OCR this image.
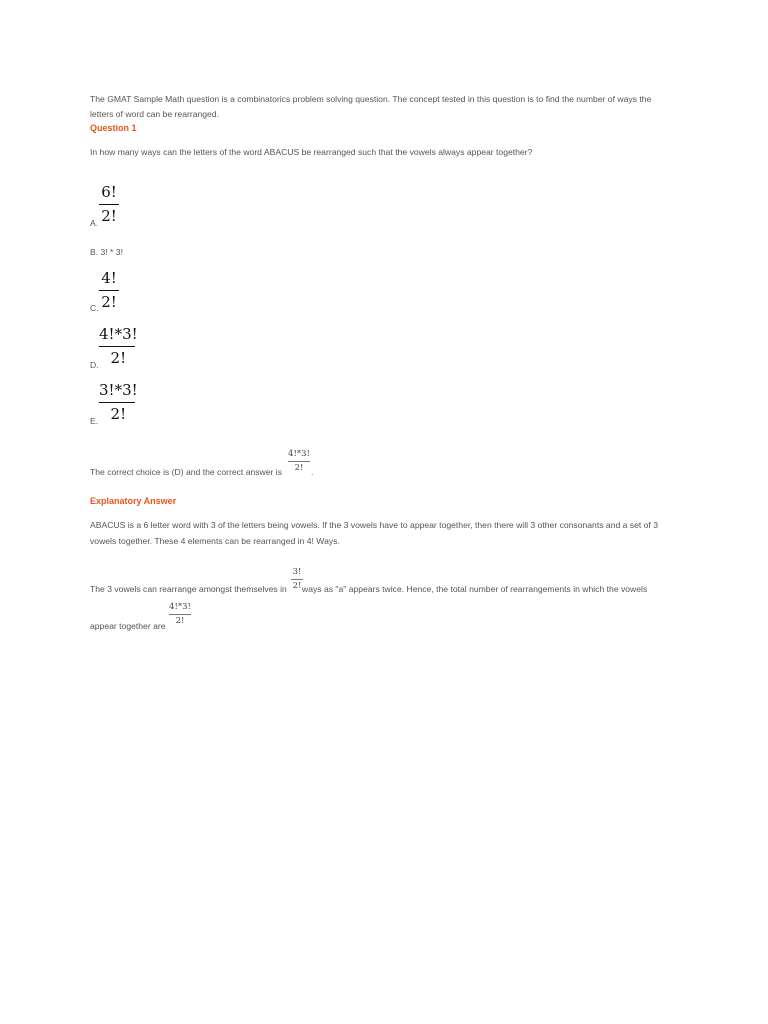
The GMAT Sample Math question is a combinatorics problem solving question. The concept tested in this question is to find the number of ways the
letters of word can be rearranged.
Question 1
In how many ways can the letters of the word ABACUS be rearranged such that the vowels always appear together?
A.
6!
2!
B. 3! * 3!
C.
4!
2!
D.
4!*3!
2!
E.
3!*3!
2!
The correct choice is (D) and the correct answer is
4!*3!
2! .
Explanatory Answer
ABACUS is a 6 letter word with 3 of the letters being vowels. If the 3 vowels have to appear together, then there will 3 other consonants and a set of 3
vowels together. These 4 elements can be rearranged in 4! Ways.
The 3 vowels can rearrange amongst themselves in
3!
2! ways as "a" appears twice. Hence, the total number of rearrangements in which the vowels
appear together are
4!*3!
2!
